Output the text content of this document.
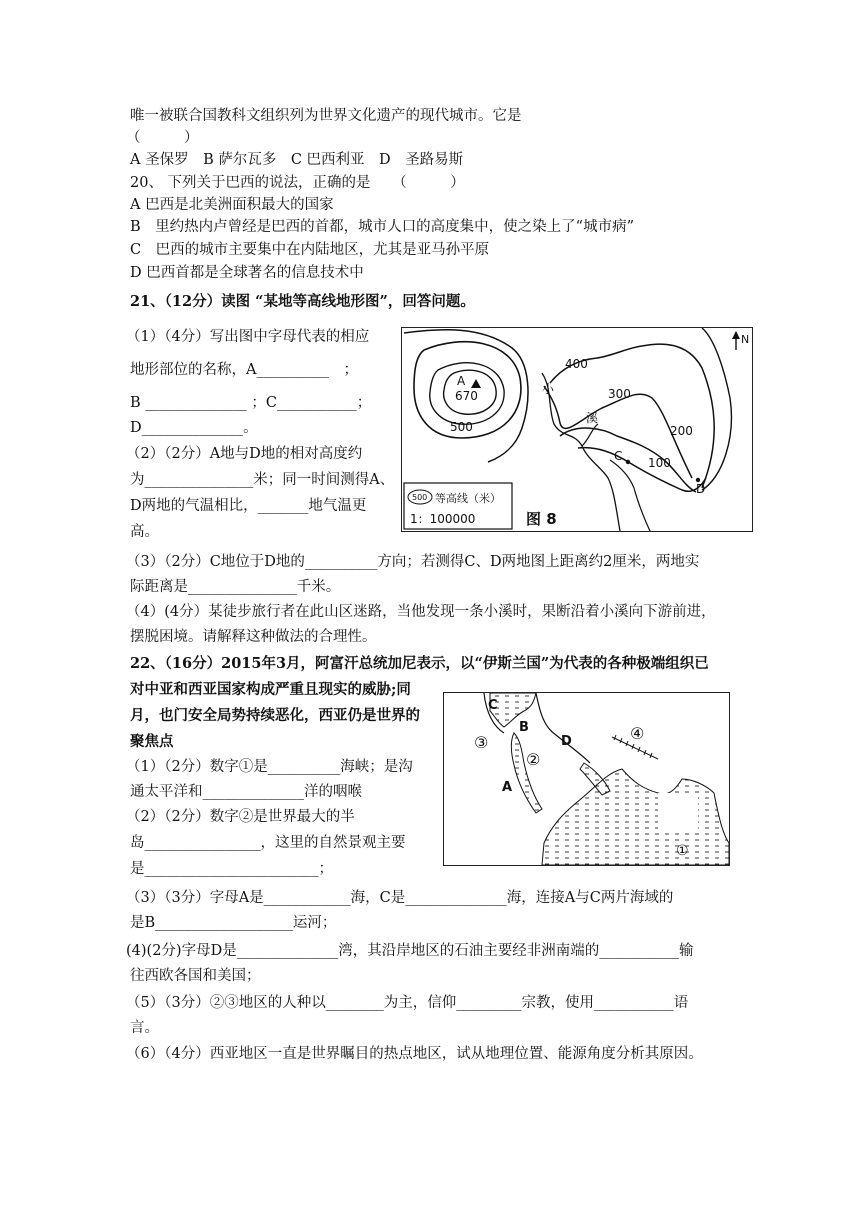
唯一被联合国教科文组织列为世界文化遗产的现代城市。它是
（　　　）
A 圣保罗　B 萨尔瓦多　C 巴西利亚　D　圣路易斯
20、 下列关于巴西的说法，正确的是　　（　　　）
A 巴西是北美洲面积最大的国家
B　里约热内卢曾经是巴西的首都，城市人口的高度集中，使之染上了“城市病”
C　巴西的城市主要集中在内陆地区，尤其是亚马孙平原
D 巴西首都是全球著名的信息技术中
21、（12分）读图 “某地等高线地形图”，回答问题。
（1）（4分）写出图中字母代表的相应
地形部位的名称，A__________　；
B ______________ ；C___________；
D______________。
（2）（2分）A地与D地的相对高度约
为_______________米；同一时间测得A、
D两地的气温相比，_______地气温更
高。
N
A
670
400
300
200
100
500
小
溪
C
D
500 等高线（米）
1：100000	图 8
（3）（2分）C地位于D地的__________方向；若测得C、D两地图上距离约2厘米，两地实
际距离是_______________千米。
（4）(4分）某徒步旅行者在此山区迷路，当他发现一条小溪时，果断沿着小溪向下游前进，
摆脱困境。请解释这种做法的合理性。
22、（16分）2015年3月，阿富汗总统加尼表示，以“伊斯兰国”为代表的各种极端组织已
对中亚和西亚国家构成严重且现实的威胁;同
月，也门安全局势持续恶化，西亚仍是世界的
聚焦点
（1）（2分）数字①是__________海峡；是沟
通太平洋和______________洋的咽喉
（2）（2分）数字②是世界最大的半
岛________________，这里的自然景观主要
是________________________；
C
B
D
A
③
②
④
①
（3）（3分）字母A是____________海，C是______________海，连接A与C两片海域的
是B___________________运河；
(4)(2分)字母D是______________湾，其沿岸地区的石油主要经非洲南端的___________输
往西欧各国和美国；
（5）（3分）②③地区的人种以________为主，信仰_________宗教，使用___________语
言。
（6）（4分）西亚地区一直是世界瞩目的热点地区，试从地理位置、能源角度分析其原因。
